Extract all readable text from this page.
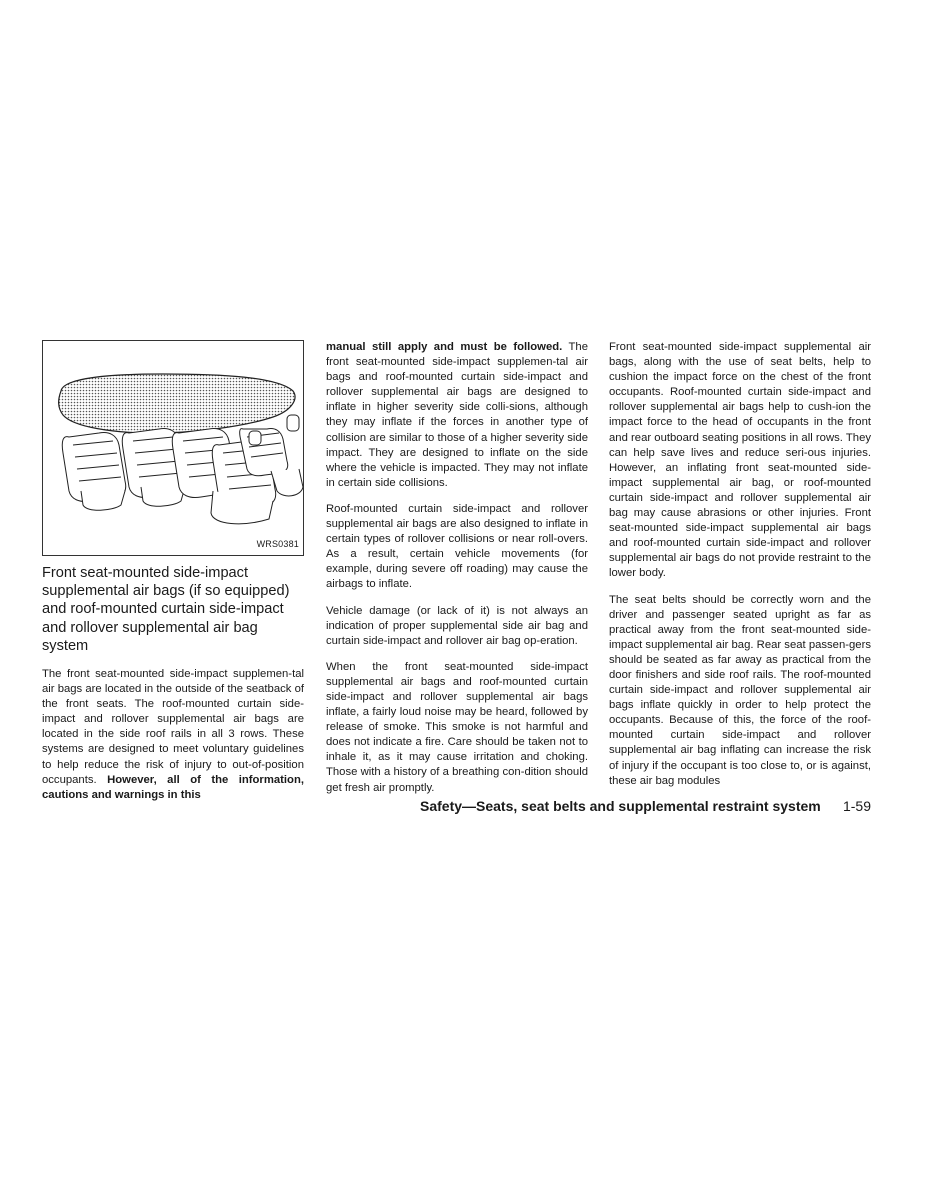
WRS0381
Front seat-mounted side-impact supplemental air bags (if so equipped) and roof-mounted curtain side-impact and rollover supplemental air bag system

The front seat-mounted side-impact supplemen-tal air bags are located in the outside of the seatback of the front seats. The roof-mounted curtain side-impact and rollover supplemental air bags are located in the side roof rails in all 3 rows. These systems are designed to meet voluntary guidelines to help reduce the risk of injury to out-of-position occupants. However, all of the information, cautions and warnings in this

manual still apply and must be followed. The front seat-mounted side-impact supplemen-tal air bags and roof-mounted curtain side-impact and rollover supplemental air bags are designed to inflate in higher severity side colli-sions, although they may inflate if the forces in another type of collision are similar to those of a higher severity side impact. They are designed to inflate on the side where the vehicle is impacted. They may not inflate in certain side collisions.

Roof-mounted curtain side-impact and rollover supplemental air bags are also designed to inflate in certain types of rollover collisions or near roll-overs. As a result, certain vehicle movements (for example, during severe off roading) may cause the airbags to inflate.

Vehicle damage (or lack of it) is not always an indication of proper supplemental side air bag and curtain side-impact and rollover air bag op-eration.

When the front seat-mounted side-impact supplemental air bags and roof-mounted curtain side-impact and rollover supplemental air bags inflate, a fairly loud noise may be heard, followed by release of smoke. This smoke is not harmful and does not indicate a fire. Care should be taken not to inhale it, as it may cause irritation and choking. Those with a history of a breathing con-dition should get fresh air promptly.

Front seat-mounted side-impact supplemental air bags, along with the use of seat belts, help to cushion the impact force on the chest of the front occupants. Roof-mounted curtain side-impact and rollover supplemental air bags help to cush-ion the impact force to the head of occupants in the front and rear outboard seating positions in all rows. They can help save lives and reduce seri-ous injuries. However, an inflating front seat-mounted side-impact supplemental air bag, or roof-mounted curtain side-impact and rollover supplemental air bag may cause abrasions or other injuries. Front seat-mounted side-impact supplemental air bags and roof-mounted curtain side-impact and rollover supplemental air bags do not provide restraint to the lower body.

The seat belts should be correctly worn and the driver and passenger seated upright as far as practical away from the front seat-mounted side-impact supplemental air bag. Rear seat passen-gers should be seated as far away as practical from the door finishers and side roof rails. The roof-mounted curtain side-impact and rollover supplemental air bags inflate quickly in order to help protect the occupants. Because of this, the force of the roof-mounted curtain side-impact and rollover supplemental air bag inflating can increase the risk of injury if the occupant is too close to, or is against, these air bag modules

Safety—Seats, seat belts and supplemental restraint system 1-59
